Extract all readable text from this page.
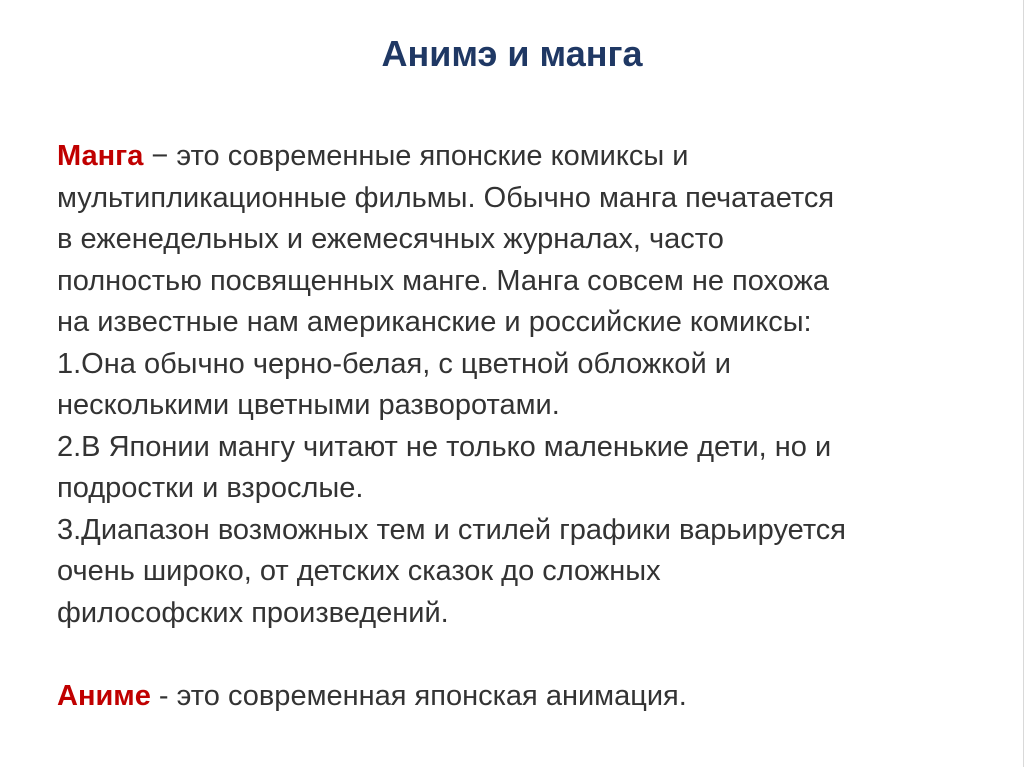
Анимэ и манга
Манга − это современные японские комиксы и
мультипликационные фильмы. Обычно манга печатается
в еженедельных и ежемесячных журналах, часто
полностью посвященных манге. Манга совсем не похожа
на известные нам американские и российские комиксы:
1.Она обычно черно-белая, с цветной обложкой и
несколькими цветными разворотами.
2.В Японии мангу читают не только маленькие дети, но и
подростки и взрослые.
3.Диапазон возможных тем и стилей графики варьируется
очень широко, от детских сказок до сложных
философских произведений.
Аниме - это современная японская анимация.
